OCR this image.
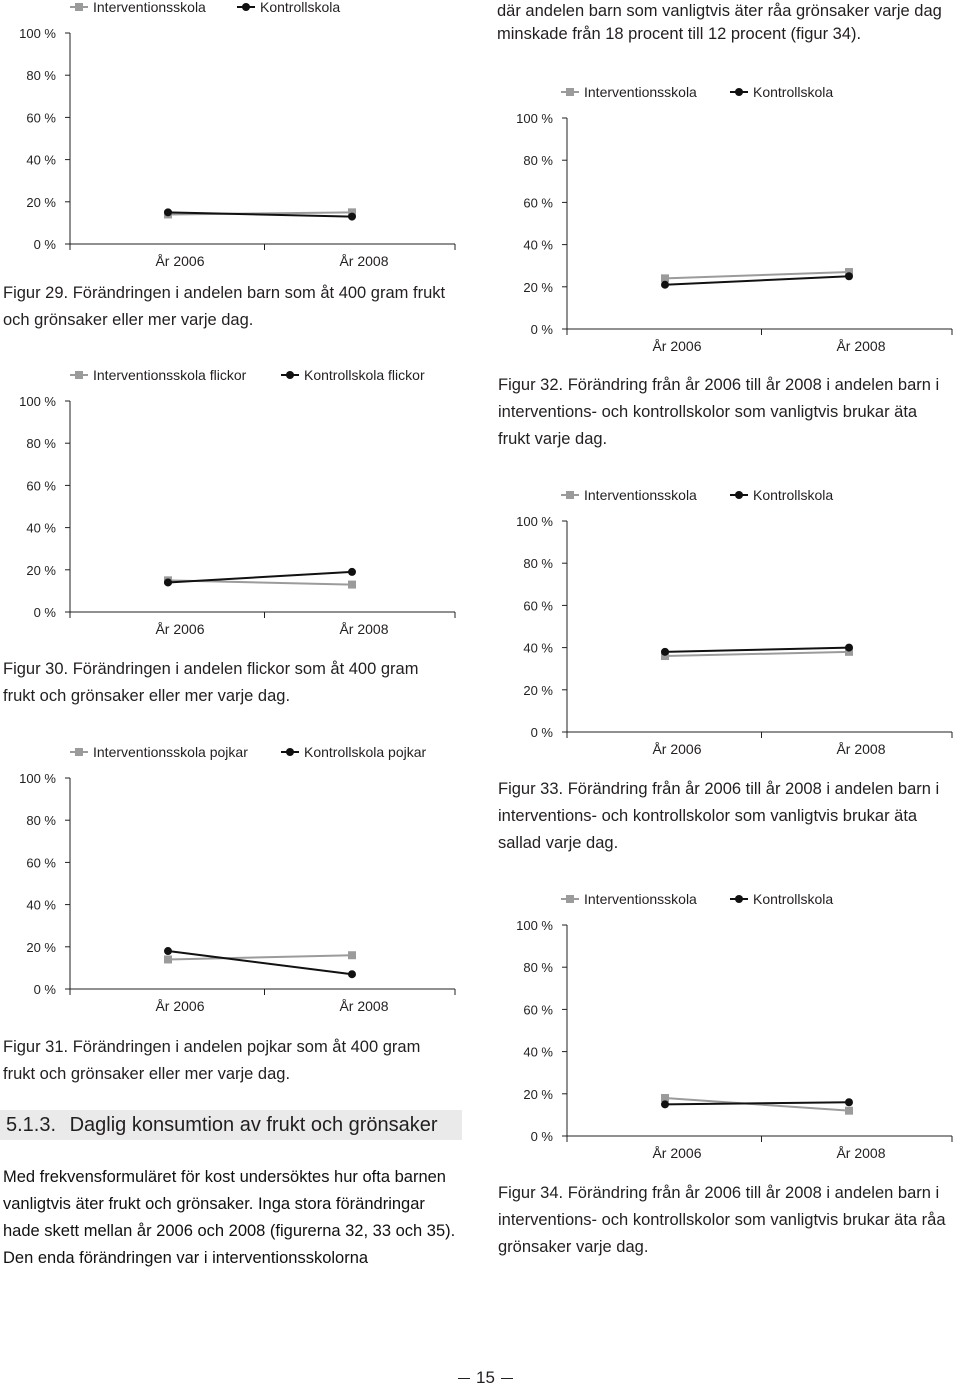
där andelen barn som vanligtvis äter råa grönsaker varje dag minskade från 18 procent till 12 procent (figur 34).
0 %
20 %
40 %
60 %
80 %
100 %
År 2006	År 2008
Interventionsskola	Kontrollskola
0 %
20 %
40 %
60 %
80 %
100 %
År 2006	År 2008
Interventionsskola flickor	Kontrollskola flickor
0 %
20 %
40 %
60 %
80 %
100 %
År 2006	År 2008
Interventionsskola pojkar	Kontrollskola pojkar
0 %
20 %
40 %
60 %
80 %
100 %
År 2006	År 2008
Interventionsskola	Kontrollskola
0 %
20 %
40 %
60 %
80 %
100 %
År 2006	År 2008
Interventionsskola	Kontrollskola
0 %
20 %
40 %
60 %
80 %
100 %
År 2006	År 2008
Interventionsskola	Kontrollskola
Figur 29. Förändringen i andelen barn som åt 400 gram frukt och grönsaker eller mer varje dag.
Figur 30. Förändringen i andelen flickor som åt 400 gram frukt och grönsaker eller mer varje dag.
Figur 31. Förändringen i andelen pojkar som åt 400 gram frukt och grönsaker eller mer varje dag.
Figur 32. Förändring från år 2006 till år 2008 i andelen barn i interventions- och kontrollskolor som vanligtvis brukar äta frukt varje dag.
Figur 33. Förändring från år 2006 till år 2008 i andelen barn i interventions- och kontrollskolor som vanligtvis brukar äta sallad varje dag.
Figur 34. Förändring från år 2006 till år 2008 i andelen barn i interventions- och kontrollskolor som vanligtvis brukar äta råa grönsaker varje dag.
5.1.3. Daglig konsumtion av frukt och grönsaker
Med frekvensformuläret för kost undersöktes hur ofta barnen vanligtvis äter frukt och grönsaker. Inga stora förändringar hade skett mellan år 2006 och 2008 (figurerna 32, 33 och 35). Den enda förändringen var i interventionsskolorna
15
